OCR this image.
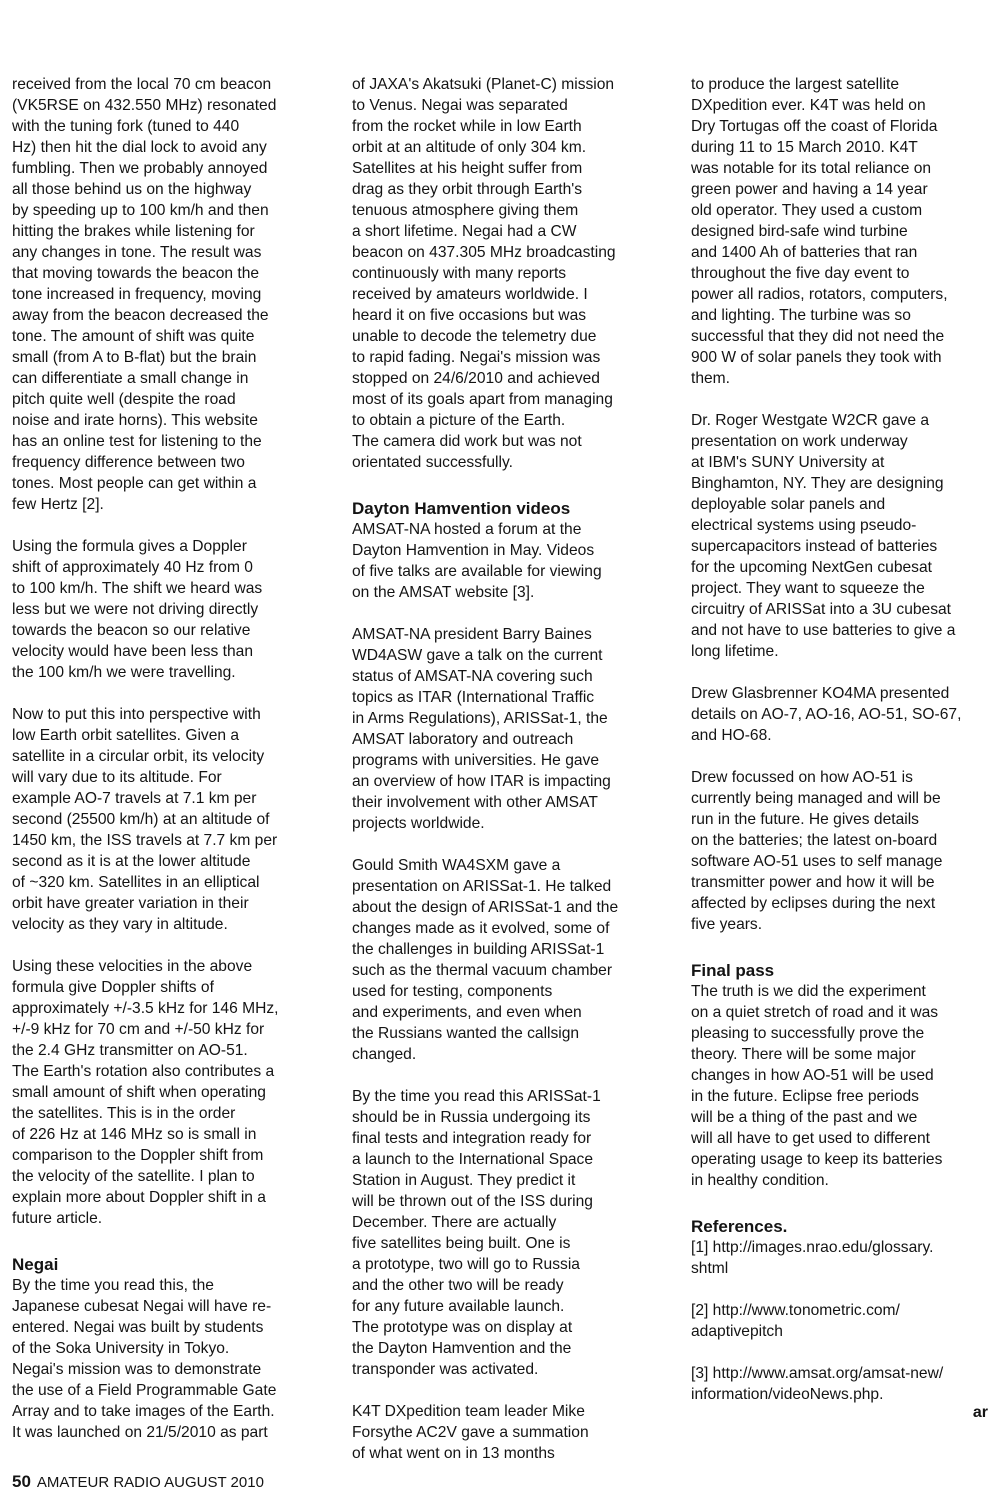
received from the local 70 cm beacon
(VK5RSE on 432.550 MHz) resonated
with the tuning fork (tuned to 440
Hz) then hit the dial lock to avoid any
fumbling. Then we probably annoyed
all those behind us on the highway
by speeding up to 100 km/h and then
hitting the brakes while listening for
any changes in tone. The result was
that moving towards the beacon the
tone increased in frequency, moving
away from the beacon decreased the
tone. The amount of shift was quite
small (from A to B-flat) but the brain
can differentiate a small change in
pitch quite well (despite the road
noise and irate horns). This website
has an online test for listening to the
frequency difference between two
tones. Most people can get within a
few Hertz [2].

Using the formula gives a Doppler
shift of approximately 40 Hz from 0
to 100 km/h. The shift we heard was
less but we were not driving directly
towards the beacon so our relative
velocity would have been less than
the 100 km/h we were travelling.

Now to put this into perspective with
low Earth orbit satellites. Given a
satellite in a circular orbit, its velocity
will vary due to its altitude. For
example AO-7 travels at 7.1 km per
second (25500 km/h) at an altitude of
1450 km, the ISS travels at 7.7 km per
second as it is at the lower altitude
of ~320 km. Satellites in an elliptical
orbit have greater variation in their
velocity as they vary in altitude.

Using these velocities in the above
formula give Doppler shifts of
approximately +/-3.5 kHz for 146 MHz,
+/-9 kHz for 70 cm and +/-50 kHz for
the 2.4 GHz transmitter on AO-51.
The Earth's rotation also contributes a
small amount of shift when operating
the satellites. This is in the order
of 226 Hz at 146 MHz so is small in
comparison to the Doppler shift from
the velocity of the satellite. I plan to
explain more about Doppler shift in a
future article.

Negai

By the time you read this, the
Japanese cubesat Negai will have re-
entered. Negai was built by students
of the Soka University in Tokyo.
Negai's mission was to demonstrate
the use of a Field Programmable Gate
Array and to take images of the Earth.
It was launched on 21/5/2010 as part

of JAXA's Akatsuki (Planet-C) mission
to Venus. Negai was separated
from the rocket while in low Earth
orbit at an altitude of only 304 km.
Satellites at his height suffer from
drag as they orbit through Earth's
tenuous atmosphere giving them
a short lifetime. Negai had a CW
beacon on 437.305 MHz broadcasting
continuously with many reports
received by amateurs worldwide. I
heard it on five occasions but was
unable to decode the telemetry due
to rapid fading. Negai's mission was
stopped on 24/6/2010 and achieved
most of its goals apart from managing
to obtain a picture of the Earth.
The camera did work but was not
orientated successfully.

Dayton Hamvention videos

AMSAT-NA hosted a forum at the
Dayton Hamvention in May. Videos
of five talks are available for viewing
on the AMSAT website [3].

AMSAT-NA president Barry Baines
WD4ASW gave a talk on the current
status of AMSAT-NA covering such
topics as ITAR (International Traffic
in Arms Regulations), ARISSat-1, the
AMSAT laboratory and outreach
programs with universities. He gave
an overview of how ITAR is impacting
their involvement with other AMSAT
projects worldwide.

Gould Smith WA4SXM gave a
presentation on ARISSat-1. He talked
about the design of ARISSat-1 and the
changes made as it evolved, some of
the challenges in building ARISSat-1
such as the thermal vacuum chamber
used for testing, components
and experiments, and even when
the Russians wanted the callsign
changed.

By the time you read this ARISSat-1
should be in Russia undergoing its
final tests and integration ready for
a launch to the International Space
Station in August. They predict it
will be thrown out of the ISS during
December. There are actually
five satellites being built. One is
a prototype, two will go to Russia
and the other two will be ready
for any future available launch.
The prototype was on display at
the Dayton Hamvention and the
transponder was activated.

K4T DXpedition team leader Mike
Forsythe AC2V gave a summation
of what went on in 13 months

to produce the largest satellite
DXpedition ever. K4T was held on
Dry Tortugas off the coast of Florida
during 11 to 15 March 2010. K4T
was notable for its total reliance on
green power and having a 14 year
old operator. They used a custom
designed bird-safe wind turbine
and 1400 Ah of batteries that ran
throughout the five day event to
power all radios, rotators, computers,
and lighting. The turbine was so
successful that they did not need the
900 W of solar panels they took with
them.

Dr. Roger Westgate W2CR gave a
presentation on work underway
at IBM's SUNY University at
Binghamton, NY. They are designing
deployable solar panels and
electrical systems using pseudo-
supercapacitors instead of batteries
for the upcoming NextGen cubesat
project. They want to squeeze the
circuitry of ARISSat into a 3U cubesat
and not have to use batteries to give a
long lifetime.

Drew Glasbrenner KO4MA presented
details on AO-7, AO-16, AO-51, SO-67,
and HO-68.

Drew focussed on how AO-51 is
currently being managed and will be
run in the future. He gives details
on the batteries; the latest on-board
software AO-51 uses to self manage
transmitter power and how it will be
affected by eclipses during the next
five years.

Final pass

The truth is we did the experiment
on a quiet stretch of road and it was
pleasing to successfully prove the
theory. There will be some major
changes in how AO-51 will be used
in the future. Eclipse free periods
will be a thing of the past and we
will all have to get used to different
operating usage to keep its batteries
in healthy condition.

References.

[1] http://images.nrao.edu/glossary.
shtml

[2] http://www.tonometric.com/
adaptivepitch

[3] http://www.amsat.org/amsat-new/
information/videoNews.php.

ar
50 AMATEUR RADIO AUGUST 2010
